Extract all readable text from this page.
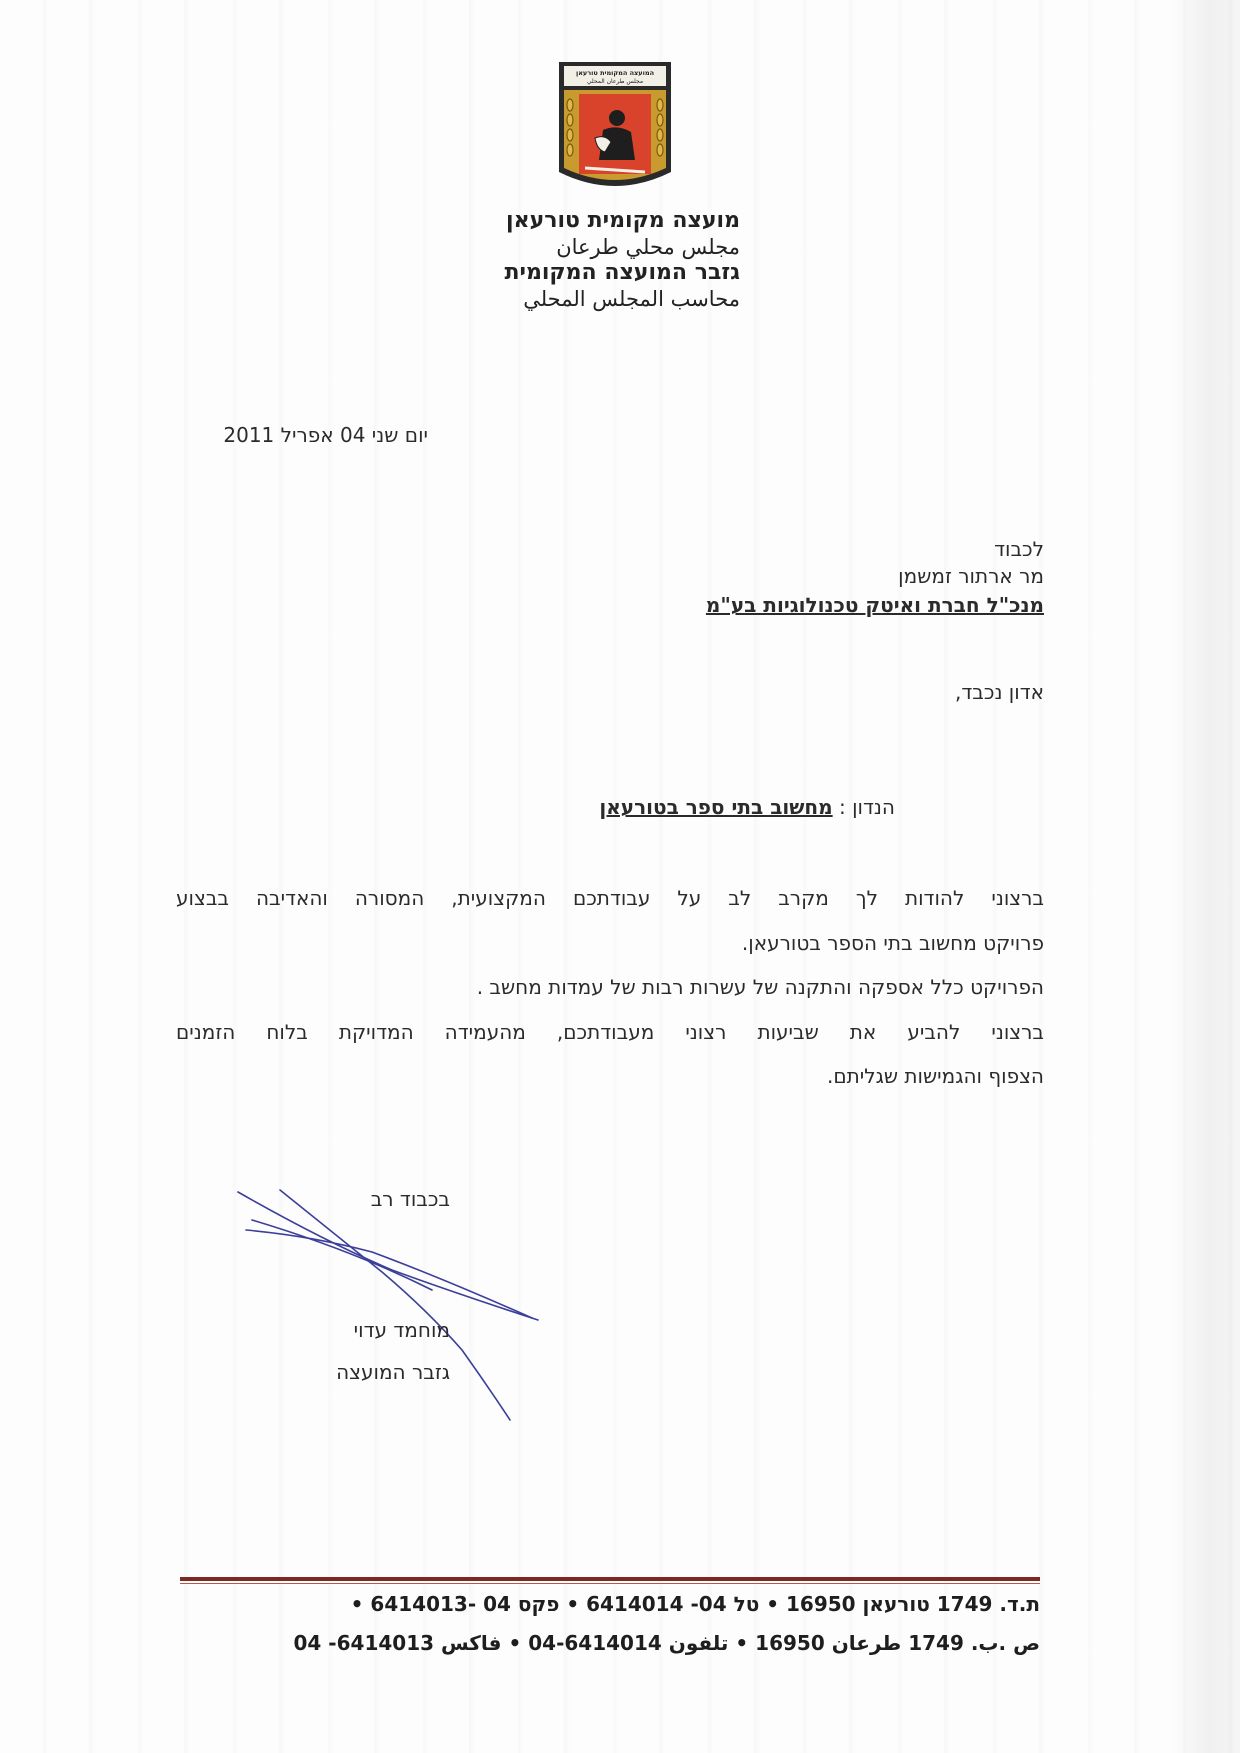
המועצה המקומית טורעאן
مجلس طرعان المحلي
מועצה מקומית טורעאן
مجلس محلي طرعان
גזבר המועצה המקומית
محاسب المجلس المحلي
יום שני 04 אפריל 2011
לכבוד
מר ארתור זמשמן
מנכ"ל חברת ואיטק טכנולוגיות בע"מ
אדון נכבד,
הנדון : מחשוב בתי ספר בטורעאן

ברצוני להודות לך מקרב לב על עבודתכם המקצועית, המסורה והאדיבה בבצוע

פרויקט מחשוב בתי הספר בטורעאן.

הפרויקט כלל אספקה והתקנה של עשרות רבות של עמדות מחשב .

ברצוני להביע את שביעות רצוני מעבודתכם, מהעמידה המדויקת בלוח הזמנים

הצפוף והגמישות שגליתם.

בכבוד רב
מוחמד עדוי
גזבר המועצה
ת.ד. 1749 טורעאן 16950 • טל 04- 6414014 • פקס 04 -6414013 •
ص .ب. 1749 طرعان 16950 • تلفون 6414014-04 • فاكس 6414013- 04
